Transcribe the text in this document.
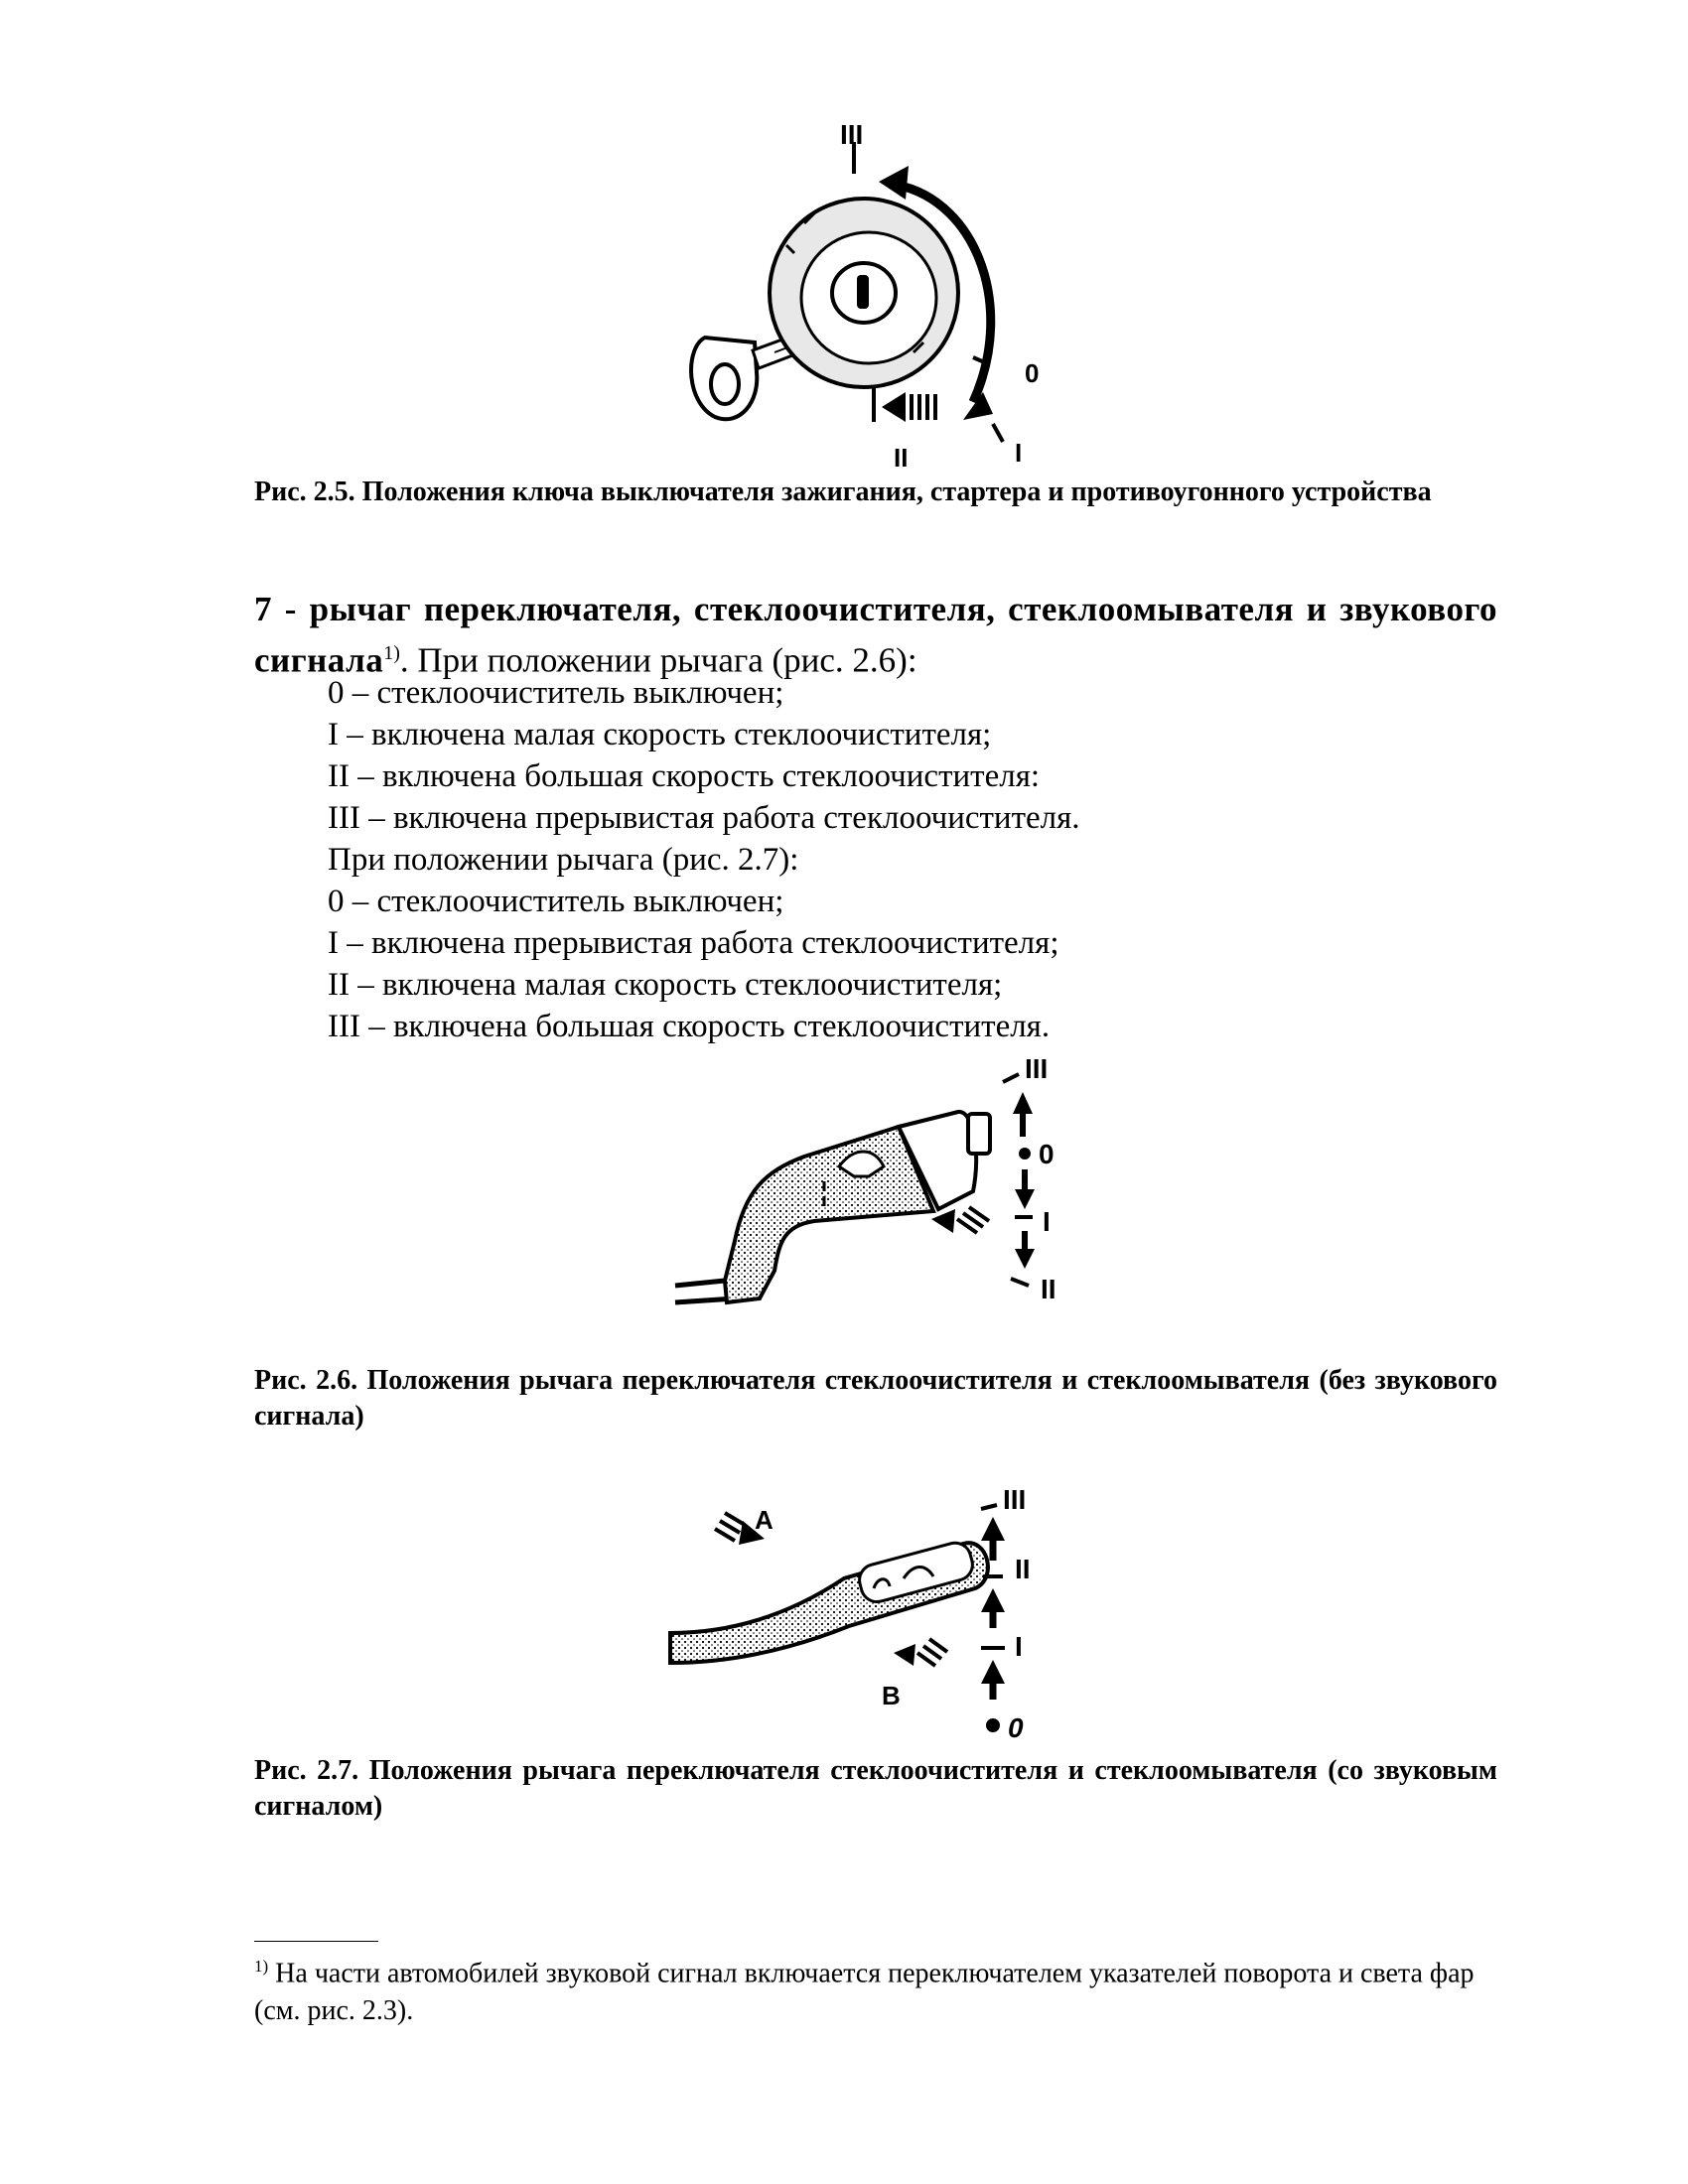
III
0
I
II

Рис. 2.5. Положения ключа выключателя зажигания, стартера и противоугонного устройства

7 - рычаг переключателя, стеклоочистителя, стеклоомывателя и звукового сигнала$^{1)}$. При положении рычага (рис. 2.6):

0 – стеклоочиститель выключен;

I – включена малая скорость стеклоочистителя;

II – включена большая скорость стеклоочистителя:

III – включена прерывистая работа стеклоочистителя.

При положении рычага (рис. 2.7):

0 – стеклоочиститель выключен;

I – включена прерывистая работа стеклоочистителя;

II – включена малая скорость стеклоочистителя;

III – включена большая скорость стеклоочистителя.

III
0
I
II

Рис. 2.6. Положения рычага переключателя стеклоочистителя и стеклоомывателя (без звукового сигнала)

A
B
III
II
I
0

Рис. 2.7. Положения рычага переключателя стеклоочистителя и стеклоомывателя (со звуковым сигналом)

$^{1)}$ На части автомобилей звуковой сигнал включается переключателем указателей поворота и света фар (см. рис. 2.3).
